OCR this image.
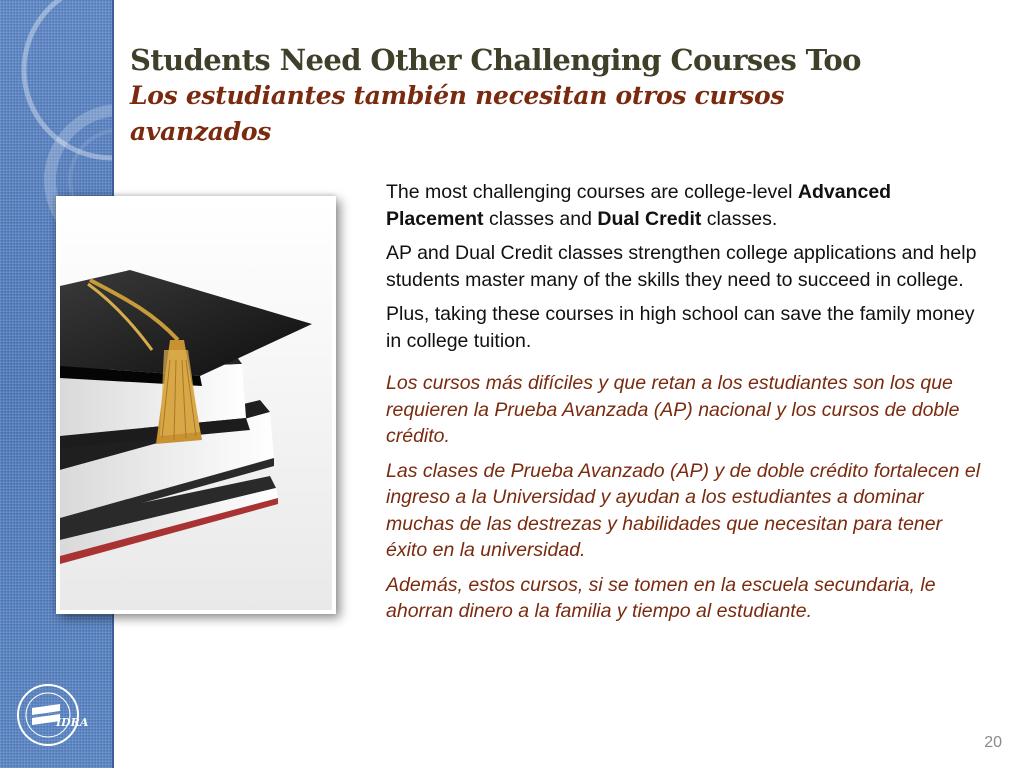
IDRA
Students Need Other Challenging Courses Too
Los estudiantes también necesitan otros cursos avanzados

The most challenging courses are college-level Advanced Placement classes and Dual Credit classes.

AP and Dual Credit classes strengthen college applications and help students master many of the skills they need to succeed in college.

Plus, taking these courses in high school can save the family money in college tuition.

Los cursos más difíciles y que retan a los estudiantes son los que requieren la Prueba Avanzada (AP) nacional y los cursos de doble crédito.

Las clases de Prueba Avanzado (AP) y de doble crédito fortalecen el ingreso a la Universidad y ayudan a los estudiantes a dominar muchas de las destrezas y habilidades que necesitan para tener éxito en la universidad.

Además, estos cursos, si se tomen en la escuela secundaria, le ahorran dinero a la familia y tiempo al estudiante.

20
